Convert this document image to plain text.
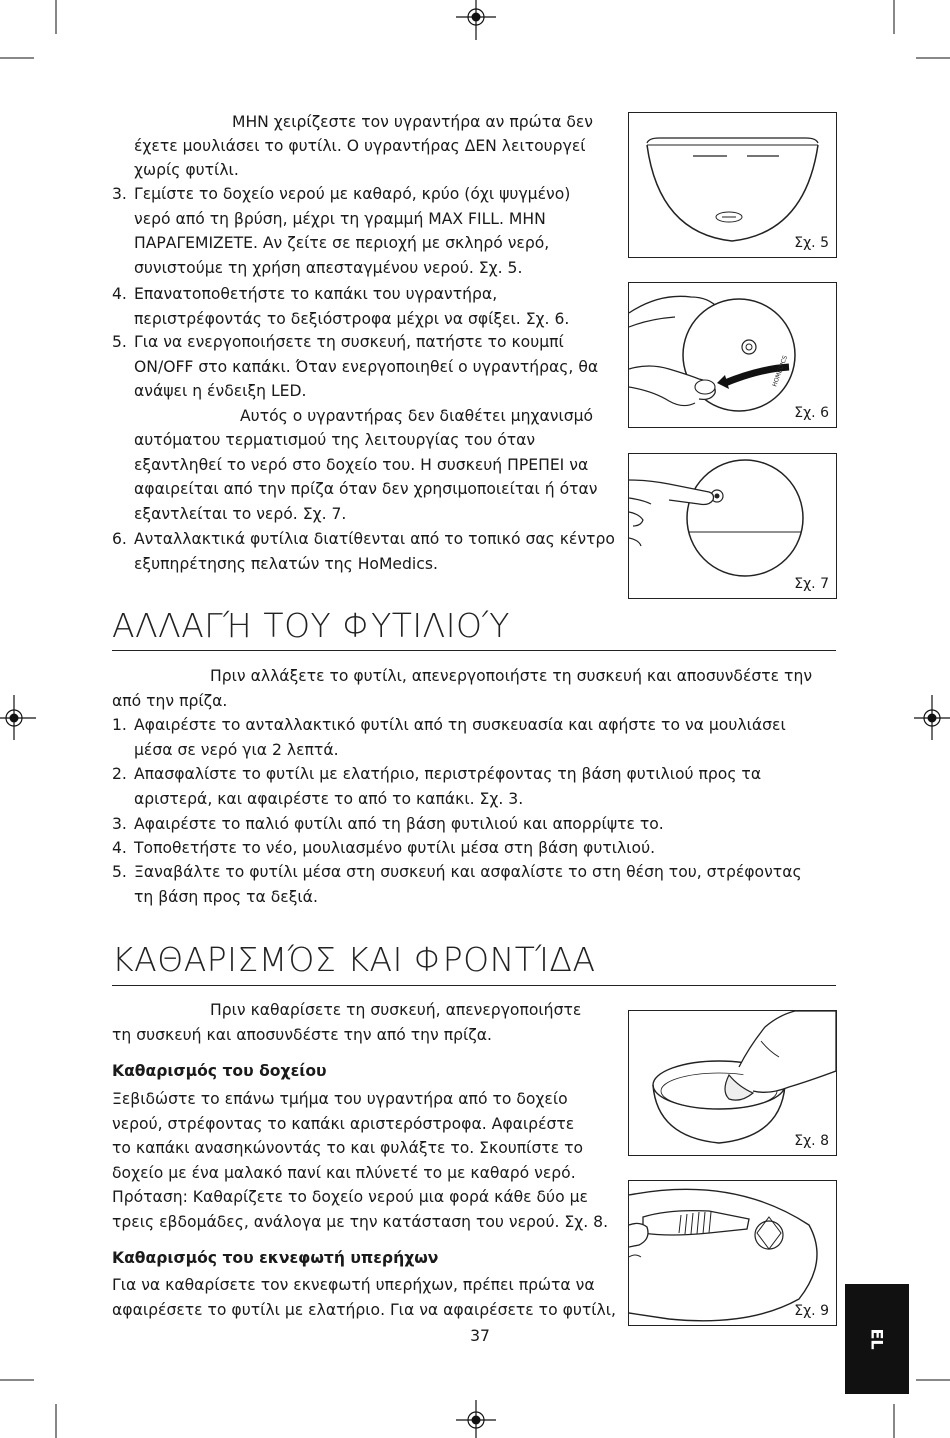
ΜΗΝ χειρίζεστε τον υγραντήρα αν πρώτα δεν
έχετε μουλιάσει το φυτίλι. Ο υγραντήρας ΔΕΝ λειτουργεί
χωρίς φυτίλι.
3. Γεμίστε το δοχείο νερού με καθαρό, κρύο (όχι ψυγμένο)
νερό από τη βρύση, μέχρι τη γραμμή MAX FILL. ΜΗΝ
ΠΑΡΑΓΕΜΙΖΕΤΕ. Αν ζείτε σε περιοχή με σκληρό νερό,
συνιστούμε τη χρήση απεσταγμένου νερού. Σχ. 5.
4. Επανατοποθετήστε το καπάκι του υγραντήρα,
περιστρέφοντάς το δεξιόστροφα μέχρι να σφίξει. Σχ. 6.
5. Για να ενεργοποιήσετε τη συσκευή, πατήστε το κουμπί
ON/OFF στο καπάκι. Όταν ενεργοποιηθεί ο υγραντήρας, θα
ανάψει η ένδειξη LED.
Αυτός ο υγραντήρας δεν διαθέτει μηχανισμό
αυτόματου τερματισμού της λειτουργίας του όταν
εξαντληθεί το νερό στο δοχείο του. Η συσκευή ΠΡΕΠΕΙ να
αφαιρείται από την πρίζα όταν δεν χρησιμοποιείται ή όταν
εξαντλείται το νερό. Σχ. 7.
6. Ανταλλακτικά φυτίλια διατίθενται από το τοπικό σας κέντρο
εξυπηρέτησης πελατών της HoMedics.
Σχ. 5
HOMEDICS
Σχ. 6
Σχ. 7
ΑΛΛΑΓΉ ΤΟΥ ΦΥΤΙΛΙΟΎ
Πριν αλλάξετε το φυτίλι, απενεργοποιήστε τη συσκευή και αποσυνδέστε την
από την πρίζα.
1. Αφαιρέστε το ανταλλακτικό φυτίλι από τη συσκευασία και αφήστε το να μουλιάσει
μέσα σε νερό για 2 λεπτά.
2. Απασφαλίστε το φυτίλι με ελατήριο, περιστρέφοντας τη βάση φυτιλιού προς τα
αριστερά, και αφαιρέστε το από το καπάκι. Σχ. 3.
3. Αφαιρέστε το παλιό φυτίλι από τη βάση φυτιλιού και απορρίψτε το.
4. Τοποθετήστε το νέο, μουλιασμένο φυτίλι μέσα στη βάση φυτιλιού.
5. Ξαναβάλτε το φυτίλι μέσα στη συσκευή και ασφαλίστε το στη θέση του, στρέφοντας
τη βάση προς τα δεξιά.
ΚΑΘΑΡΙΣΜΌΣ ΚΑΙ ΦΡΟΝΤΊΔΑ
Πριν καθαρίσετε τη συσκευή, απενεργοποιήστε
τη συσκευή και αποσυνδέστε την από την πρίζα.
Καθαρισμός του δοχείου
Ξεβιδώστε το επάνω τμήμα του υγραντήρα από το δοχείο
νερού, στρέφοντας το καπάκι αριστερόστροφα. Αφαιρέστε
το καπάκι ανασηκώνοντάς το και φυλάξτε το. Σκουπίστε το
δοχείο με ένα μαλακό πανί και πλύνετέ το με καθαρό νερό.
Πρόταση: Καθαρίζετε το δοχείο νερού μια φορά κάθε δύο με
τρεις εβδομάδες, ανάλογα με την κατάσταση του νερού. Σχ. 8.
Καθαρισμός του εκνεφωτή υπερήχων
Για να καθαρίσετε τον εκνεφωτή υπερήχων, πρέπει πρώτα να
αφαιρέσετε το φυτίλι με ελατήριο. Για να αφαιρέσετε το φυτίλι,
Σχ. 8
Σχ. 9
37	EL
